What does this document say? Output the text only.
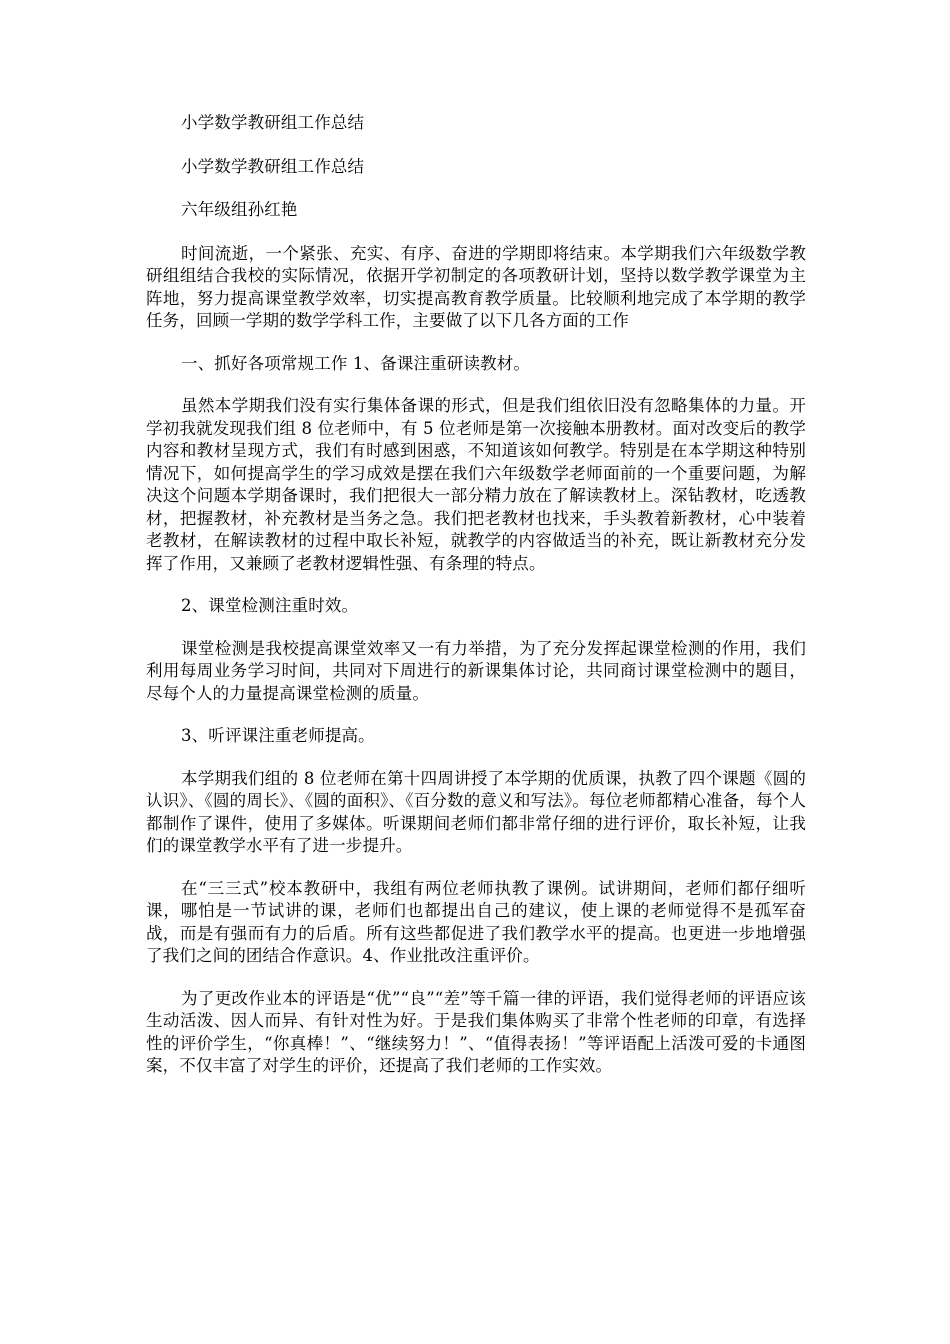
小学数学教研组工作总结

小学数学教研组工作总结

六年级组孙红艳

时间流逝，一个紧张、充实、有序、奋进的学期即将结束。本学期我们六年级数学教研组组结合我校的实际情况，依据开学初制定的各项教研计划，坚持以数学教学课堂为主阵地，努力提高课堂教学效率，切实提高教育教学质量。比较顺利地完成了本学期的教学任务，回顾一学期的数学学科工作，主要做了以下几各方面的工作

一、抓好各项常规工作 1、备课注重研读教材。

虽然本学期我们没有实行集体备课的形式，但是我们组依旧没有忽略集体的力量。开学初我就发现我们组 8 位老师中，有 5 位老师是第一次接触本册教材。面对改变后的教学内容和教材呈现方式，我们有时感到困惑，不知道该如何教学。特别是在本学期这种特别情况下，如何提高学生的学习成效是摆在我们六年级数学老师面前的一个重要问题，为解决这个问题本学期备课时，我们把很大一部分精力放在了解读教材上。深钻教材，吃透教材，把握教材，补充教材是当务之急。我们把老教材也找来，手头教着新教材，心中装着老教材，在解读教材的过程中取长补短，就教学的内容做适当的补充，既让新教材充分发挥了作用，又兼顾了老教材逻辑性强、有条理的特点。

2、课堂检测注重时效。

课堂检测是我校提高课堂效率又一有力举措，为了充分发挥起课堂检测的作用，我们利用每周业务学习时间，共同对下周进行的新课集体讨论，共同商讨课堂检测中的题目，尽每个人的力量提高课堂检测的质量。

3、听评课注重老师提高。

本学期我们组的 8 位老师在第十四周讲授了本学期的优质课，执教了四个课题《圆的认识》、《圆的周长》、《圆的面积》、《百分数的意义和写法》。每位老师都精心准备，每个人都制作了课件，使用了多媒体。听课期间老师们都非常仔细的进行评价，取长补短，让我们的课堂教学水平有了进一步提升。

在“三三式”校本教研中，我组有两位老师执教了课例。试讲期间，老师们都仔细听课，哪怕是一节试讲的课，老师们也都提出自己的建议，使上课的老师觉得不是孤军奋战，而是有强而有力的后盾。所有这些都促进了我们教学水平的提高。也更进一步地增强了我们之间的团结合作意识。4、作业批改注重评价。

为了更改作业本的评语是“优”“良”“差”等千篇一律的评语，我们觉得老师的评语应该生动活泼、因人而异、有针对性为好。于是我们集体购买了非常个性老师的印章，有选择性的评价学生，“你真棒！”、“继续努力！”、“值得表扬！”等评语配上活泼可爱的卡通图案，不仅丰富了对学生的评价，还提高了我们老师的工作实效。
